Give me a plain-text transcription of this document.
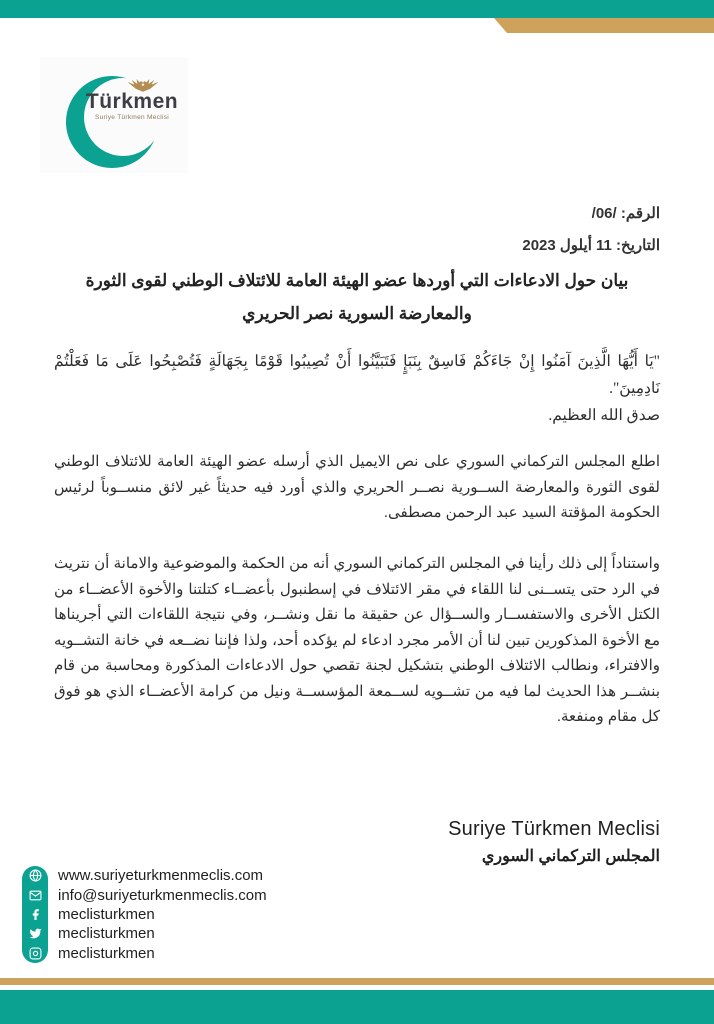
Türkmen
Suriye Türkmen Meclisi
الرقم: /06/
التاريخ: 11 أيلول 2023
بيان حول الادعاءات التي أوردها عضو الهيئة العامة للائتلاف الوطني لقوى الثورة والمعارضة السورية نصر الحريري
"يَا أَيُّهَا الَّذِينَ آمَنُوا إِنْ جَاءَكُمْ فَاسِقٌ بِنَبَإٍ فَتَبَيَّنُوا أَنْ تُصِيبُوا قَوْمًا بِجَهَالَةٍ فَتُصْبِحُوا عَلَى مَا فَعَلْتُمْ نَادِمِينَ".
صدق الله العظيم.
اطلع المجلس التركماني السوري على نص الايميل الذي أرسله عضو الهيئة العامة للائتلاف الوطني لقوى الثورة والمعارضة الســورية نصــر الحريري والذي أورد فيه حديثاً غير لائق منســوباً لرئيس الحكومة المؤقتة السيد عبد الرحمن مصطفى.
واستناداً إلى ذلك رأينا في المجلس التركماني السوري أنه من الحكمة والموضوعية والامانة أن نتريث في الرد حتى يتســنى لنا اللقاء في مقر الائتلاف في إسطنبول بأعضــاء كتلتنا والأخوة الأعضــاء من الكتل الأخرى والاستفســار والســؤال عن حقيقة ما نقل ونشــر، وفي نتيجة اللقاءات التي أجريناها مع الأخوة المذكورين تبين لنا أن الأمر مجرد ادعاء لم يؤكده أحد، ولذا فإننا نضــعه في خانة التشــويه والافتراء، ونطالب الائتلاف الوطني بتشكيل لجنة تقصي حول الادعاءات المذكورة ومحاسبة من قام بنشــر هذا الحديث لما فيه من تشــويه لســمعة المؤسســة ونيل من كرامة الأعضــاء الذي هو فوق كل مقام ومنفعة.
Suriye Türkmen Meclisi
المجلس التركماني السوري
www.suriyeturkmenmeclis.com
info@suriyeturkmenmeclis.com
meclisturkmen
meclisturkmen
meclisturkmen
